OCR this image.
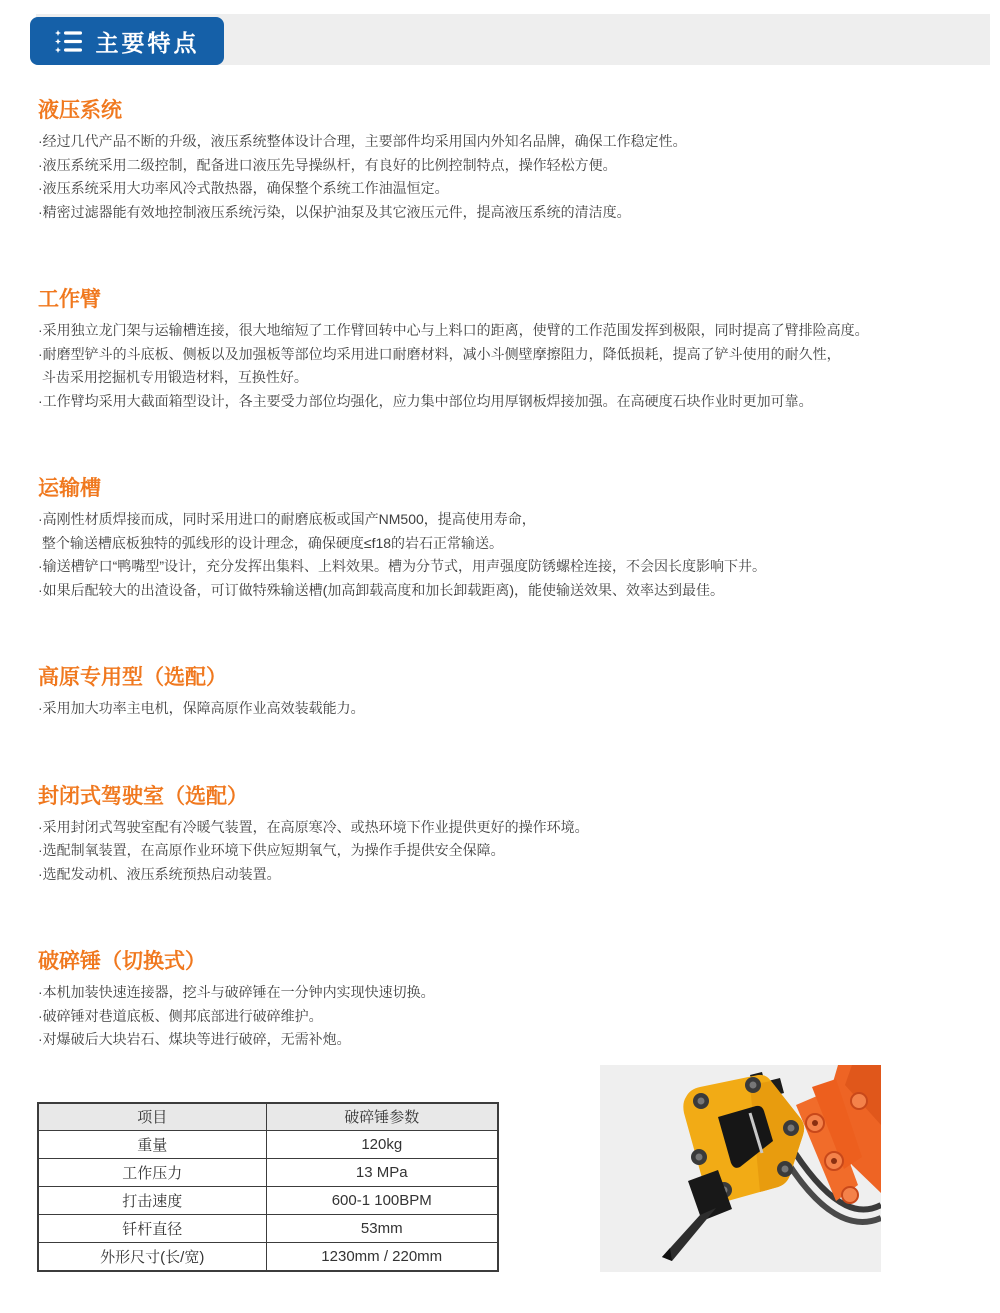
主要特点
液压系统
·经过几代产品不断的升级，液压系统整体设计合理，主要部件均采用国内外知名品牌，确保工作稳定性。
·液压系统采用二级控制，配备进口液压先导操纵杆，有良好的比例控制特点，操作轻松方便。
·液压系统采用大功率风冷式散热器，确保整个系统工作油温恒定。
·精密过滤器能有效地控制液压系统污染，以保护油泵及其它液压元件，提高液压系统的清洁度。
工作臂
·采用独立龙门架与运输槽连接，很大地缩短了工作臂回转中心与上料口的距离，使臂的工作范围发挥到极限，同时提高了臂排险高度。
·耐磨型铲斗的斗底板、侧板以及加强板等部位均采用进口耐磨材料，减小斗侧壁摩擦阻力，降低损耗，提高了铲斗使用的耐久性，
斗齿采用挖掘机专用锻造材料，互换性好。
·工作臂均采用大截面箱型设计，各主要受力部位均强化，应力集中部位均用厚钢板焊接加强。在高硬度石块作业时更加可靠。
运输槽
·高刚性材质焊接而成，同时采用进口的耐磨底板或国产NM500，提高使用寿命，
整个输送槽底板独特的弧线形的设计理念，确保硬度≤f18的岩石正常输送。
·输送槽铲口“鸭嘴型”设计，充分发挥出集料、上料效果。槽为分节式，用声强度防锈螺栓连接，不会因长度影响下井。
·如果后配较大的出渣设备，可订做特殊输送槽(加高卸载高度和加长卸载距离)，能使输送效果、效率达到最佳。
高原专用型（选配）
·采用加大功率主电机，保障高原作业高效装载能力。
封闭式驾驶室（选配）
·采用封闭式驾驶室配有冷暖气装置，在高原寒冷、或热环境下作业提供更好的操作环境。
·选配制氧装置，在高原作业环境下供应短期氧气，为操作手提供安全保障。
·选配发动机、液压系统预热启动装置。
破碎锤（切换式）
·本机加装快速连接器，挖斗与破碎锤在一分钟内实现快速切换。
·破碎锤对巷道底板、侧邦底部进行破碎维护。
·对爆破后大块岩石、煤块等进行破碎，无需补炮。
项目	破碎锤参数
重量	120kg
工作压力	13 MPa
打击速度	600-1 100BPM
钎杆直径	53mm
外形尺寸(长/宽)	1230mm / 220mm
